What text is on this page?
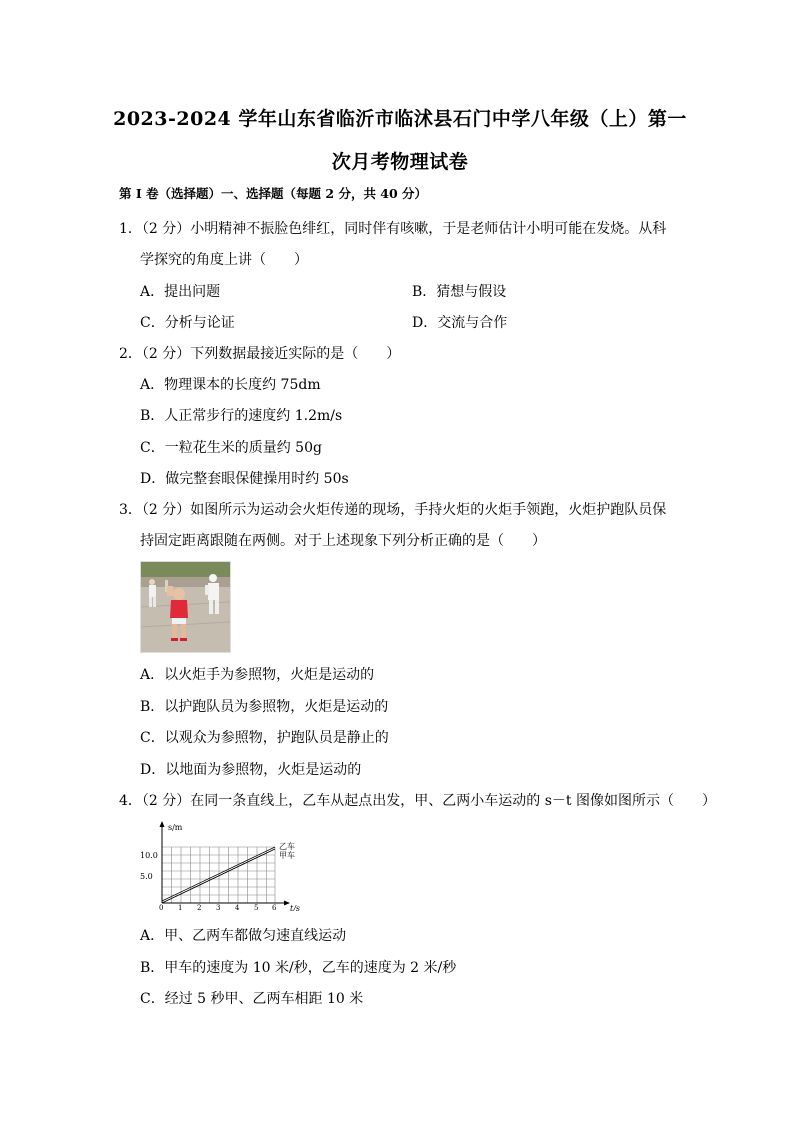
2023-2024 学年山东省临沂市临沭县石门中学八年级（上）第一
次月考物理试卷
第 I 卷（选择题）一、选择题（每题 2 分，共 40 分）
1．（2 分）小明精神不振脸色绯红，同时伴有咳嗽，于是老师估计小明可能在发烧。从科
学探究的角度上讲（　　）
A．提出问题	B．猜想与假设
C．分析与论证	D．交流与合作
2．（2 分）下列数据最接近实际的是（　　）
A．物理课本的长度约 75dm
B．人正常步行的速度约 1.2m/s
C．一粒花生米的质量约 50g
D．做完整套眼保健操用时约 50s
3．（2 分）如图所示为运动会火炬传递的现场，手持火炬的火炬手领跑，火炬护跑队员保
持固定距离跟随在两侧。对于上述现象下列分析正确的是（　　）
A．以火炬手为参照物，火炬是运动的
B．以护跑队员为参照物，火炬是运动的
C．以观众为参照物，护跑队员是静止的
D．以地面为参照物，火炬是运动的
4．（2 分）在同一条直线上，乙车从起点出发，甲、乙两小车运动的 s－t 图像如图所示（　　）
s/m
t/s
10.0
5.0
0 1 2 3 4 5 6
乙车
甲车
A．甲、乙两车都做匀速直线运动
B．甲车的速度为 10 米/秒，乙车的速度为 2 米/秒
C．经过 5 秒甲、乙两车相距 10 米
